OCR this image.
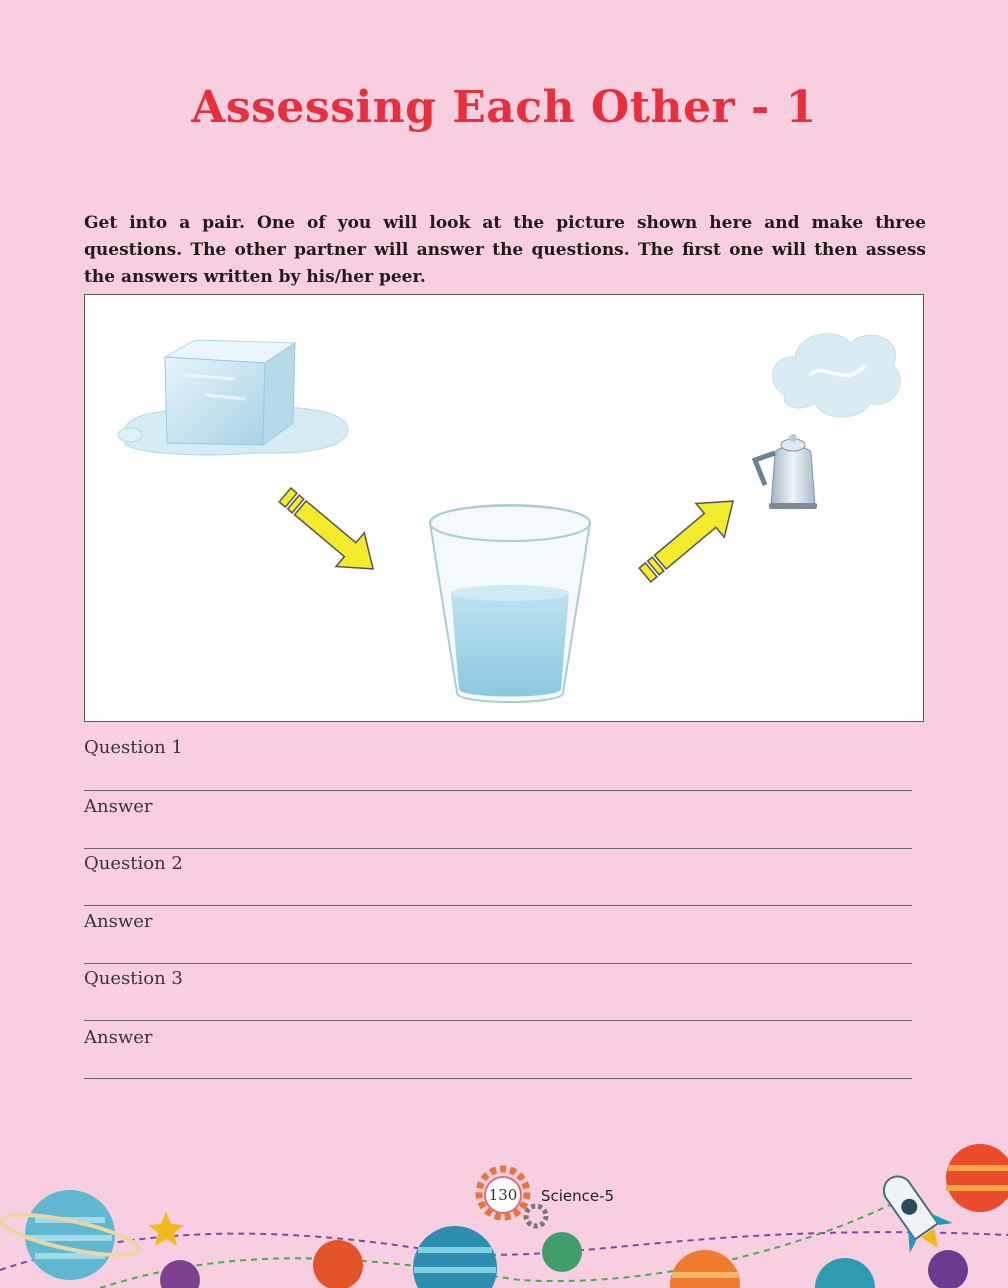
Assessing Each Other - 1
Get into a pair. One of you will look at the picture shown here and make three questions. The other partner will answer the questions. The first one will then assess the answers written by his/her peer.
Question 1
Answer
Question 2
Answer
Question 3
Answer
130	Science-5
